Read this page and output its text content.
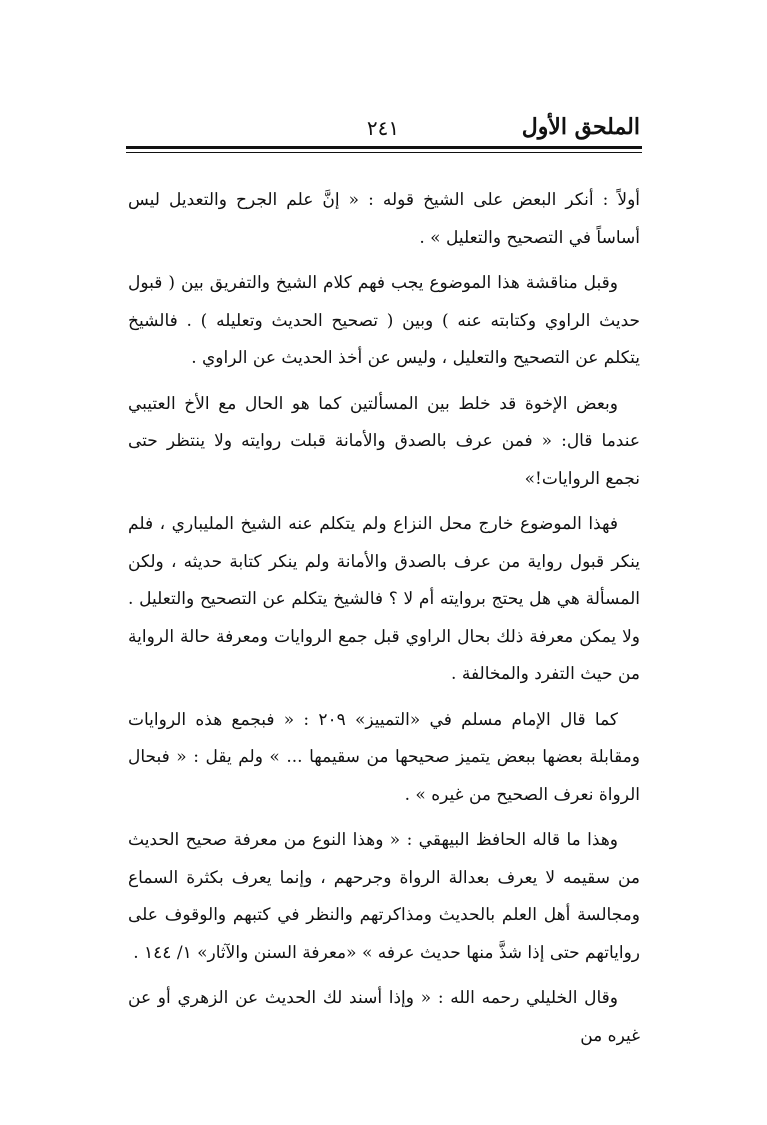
الملحق الأول
٢٤١

أولاً : أنكر البعض على الشيخ قوله : « إنَّ علم الجرح والتعديل ليس أساساً في التصحيح والتعليل » .

وقبل مناقشة هذا الموضوع يجب فهم كلام الشيخ والتفريق بين ( قبول حديث الراوي وكتابته عنه ) وبين ( تصحيح الحديث وتعليله ) . فالشيخ يتكلم عن التصحيح والتعليل ، وليس عن أخذ الحديث عن الراوي .

وبعض الإخوة قد خلط بين المسألتين كما هو الحال مع الأخ العتيبي عندما قال: « فمن عرف بالصدق والأمانة قبلت روايته ولا ينتظر حتى نجمع الروايات!»

فهذا الموضوع خارج محل النزاع ولم يتكلم عنه الشيخ المليباري ، فلم ينكر قبول رواية من عرف بالصدق والأمانة ولم ينكر كتابة حديثه ، ولكن المسألة هي هل يحتج بروايته أم لا ؟ فالشيخ يتكلم عن التصحيح والتعليل . ولا يمكن معرفة ذلك بحال الراوي قبل جمع الروايات ومعرفة حالة الرواية من حيث التفرد والمخالفة .

كما قال الإمام مسلم في «التمييز» ٢٠٩ : « فبجمع هذه الروايات ومقابلة بعضها ببعض يتميز صحيحها من سقيمها ... » ولم يقل : « فبحال الرواة نعرف الصحيح من غيره » .

وهذا ما قاله الحافظ البيهقي : « وهذا النوع من معرفة صحيح الحديث من سقيمه لا يعرف بعدالة الرواة وجرحهم ، وإنما يعرف بكثرة السماع ومجالسة أهل العلم بالحديث ومذاكرتهم والنظر في كتبهم والوقوف على رواياتهم حتى إذا شذَّ منها حديث عرفه » «معرفة السنن والآثار» ١/ ١٤٤ .

وقال الخليلي رحمه الله : « وإذا أسند لك الحديث عن الزهري أو عن غيره من
